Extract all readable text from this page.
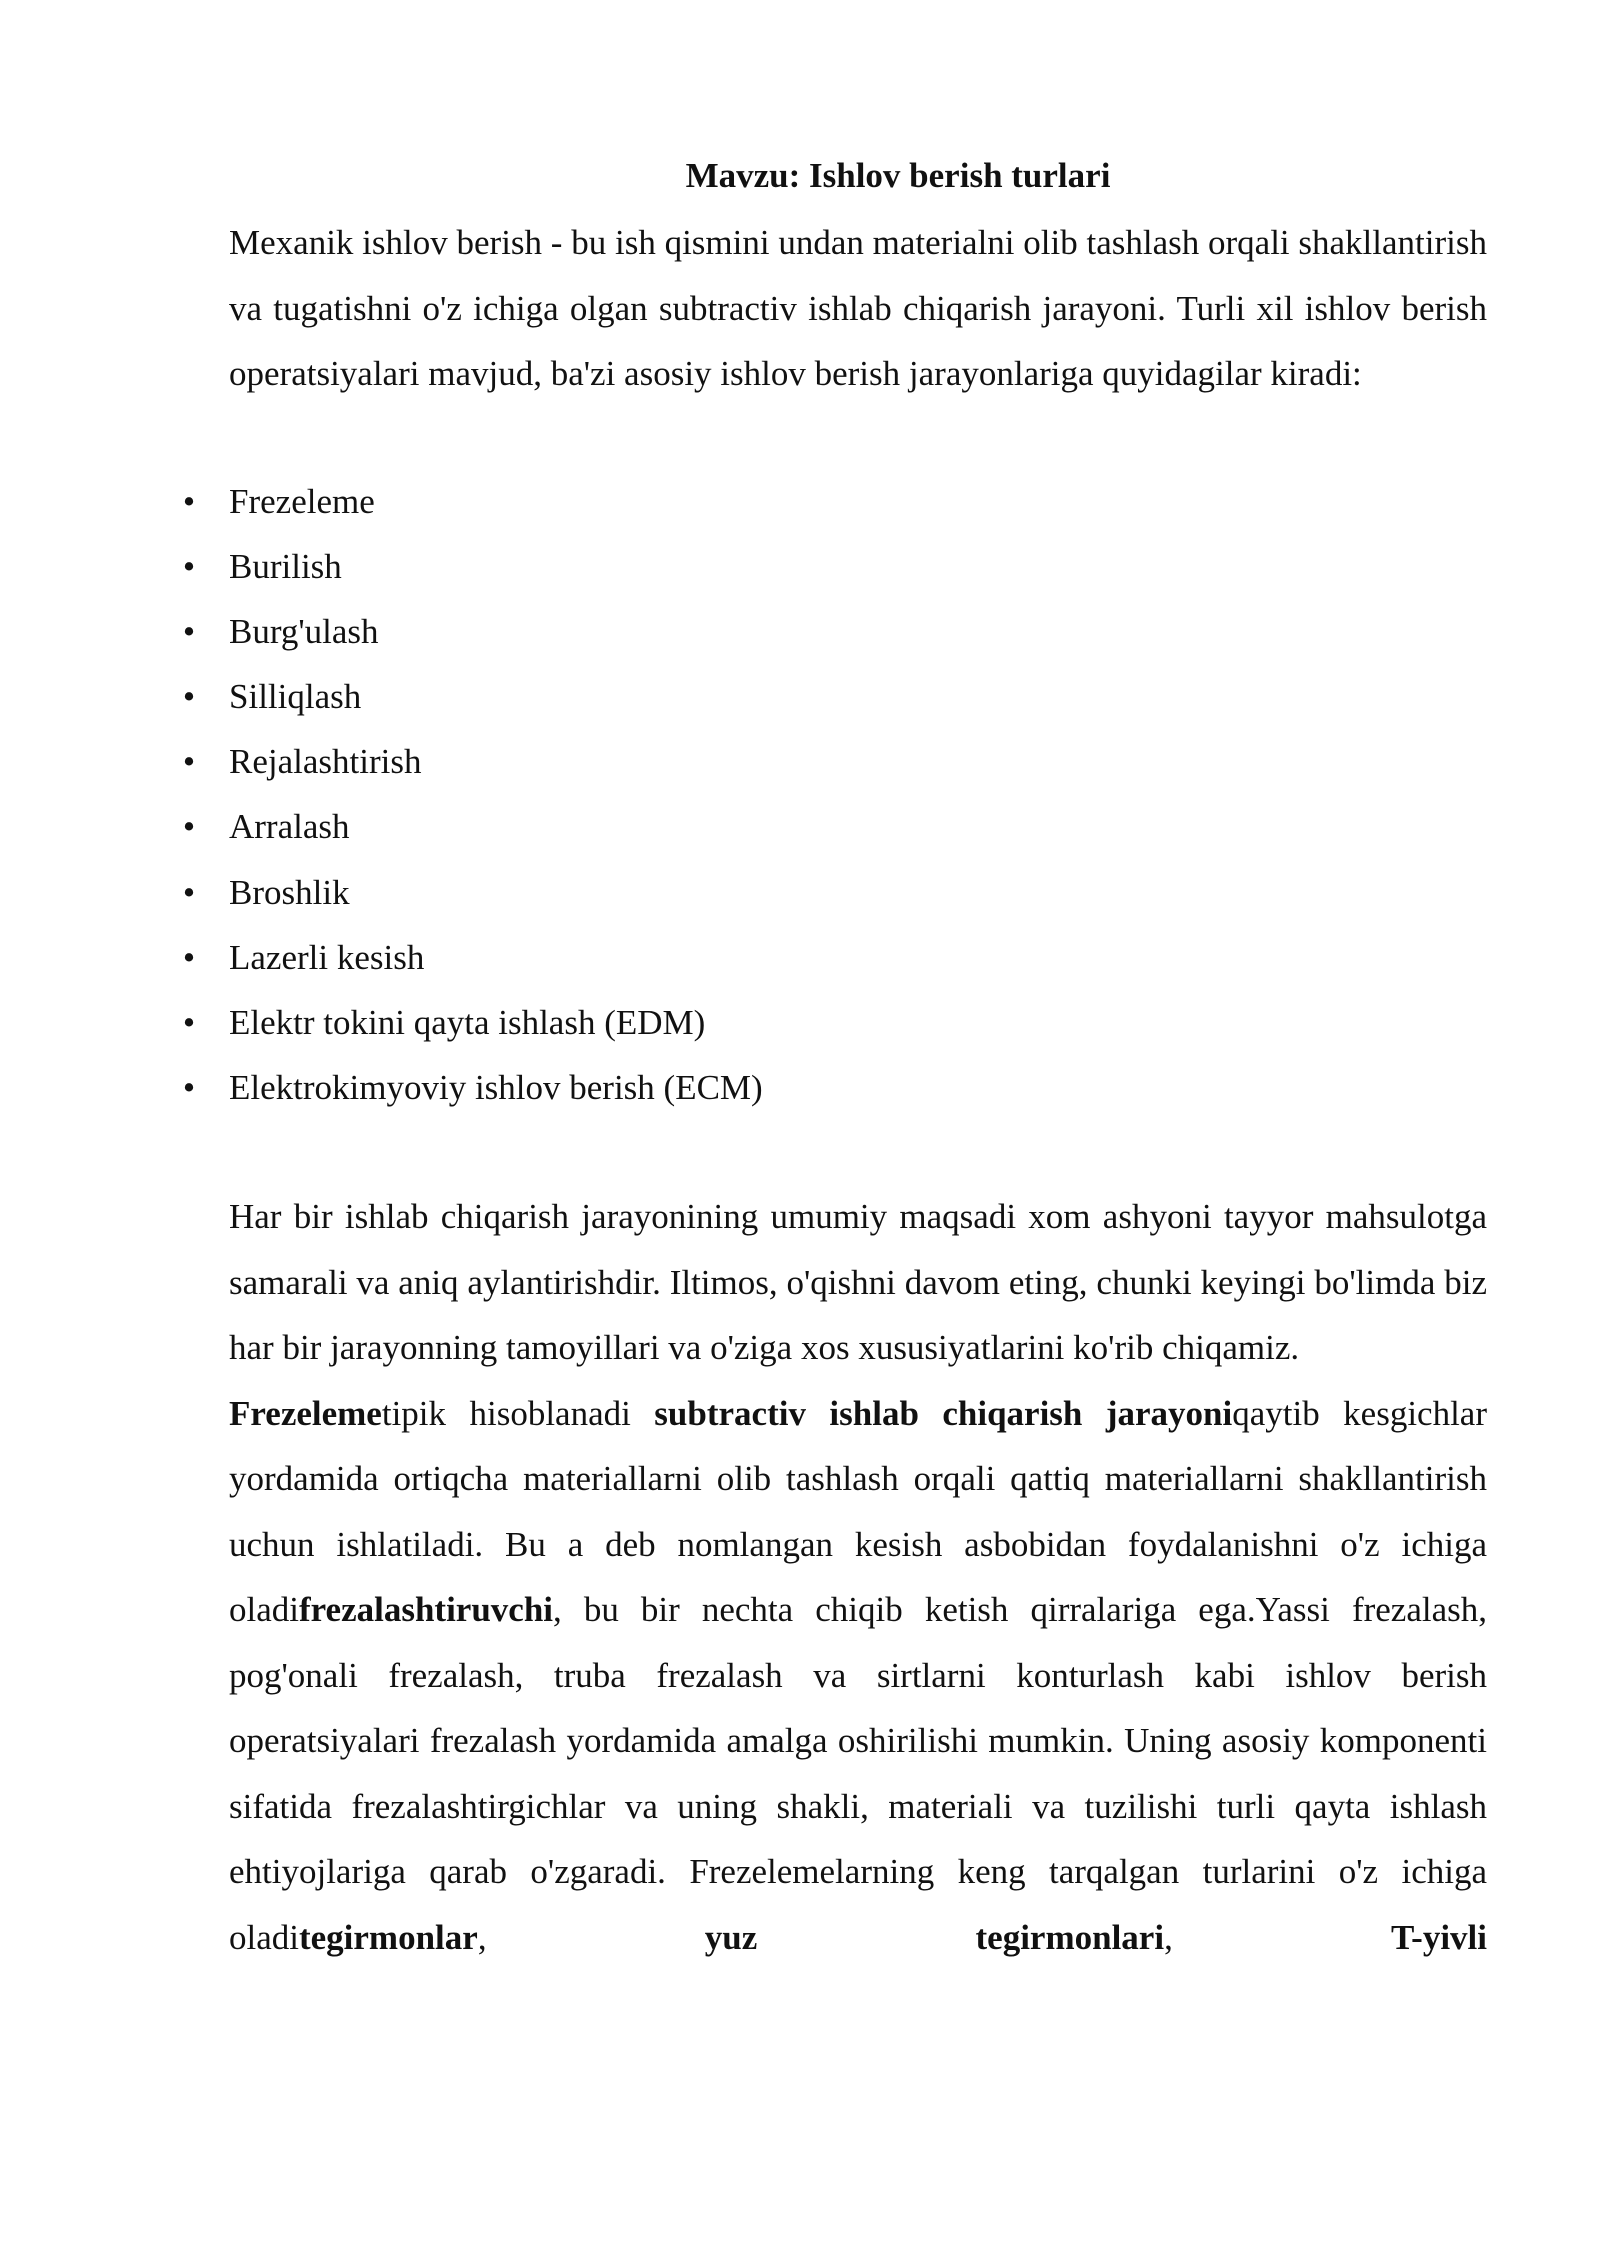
Mavzu: Ishlov berish turlari

Mexanik ishlov berish - bu ish qismini undan materialni olib tashlash orqali shakllantirish va tugatishni o'z ichiga olgan subtractiv ishlab chiqarish jarayoni. Turli xil ishlov berish operatsiyalari mavjud, ba'zi asosiy ishlov berish jarayonlariga quyidagilar kiradi:

• Frezeleme
• Burilish
• Burg'ulash
• Silliqlash
• Rejalashtirish
• Arralash
• Broshlik
• Lazerli kesish
• Elektr tokini qayta ishlash (EDM)
• Elektrokimyoviy ishlov berish (ECM)

Har bir ishlab chiqarish jarayonining umumiy maqsadi xom ashyoni tayyor mahsulotga samarali va aniq aylantirishdir. Iltimos, o'qishni davom eting, chunki keyingi bo'limda biz har bir jarayonning tamoyillari va o'ziga xos xususiyatlarini ko'rib chiqamiz.

Frezelemetipik hisoblanadi subtractiv ishlab chiqarish jarayoniqaytib kesgichlar yordamida ortiqcha materiallarni olib tashlash orqali qattiq materiallarni shakllantirish uchun ishlatiladi. Bu a deb nomlangan kesish asbobidan foydalanishni o'z ichiga oladifrezalashtiruvchi, bu bir nechta chiqib ketish qirralariga ega.Yassi frezalash, pog'onali frezalash, truba frezalash va sirtlarni konturlash kabi ishlov berish operatsiyalari frezalash yordamida amalga oshirilishi mumkin. Uning asosiy komponenti sifatida frezalashtirgichlar va uning shakli, materiali va tuzilishi turli qayta ishlash ehtiyojlariga qarab o'zgaradi. Frezelemelarning keng tarqalgan turlarini o'z ichiga oladitegirmonlar, yuz tegirmonlari, T-yivli
